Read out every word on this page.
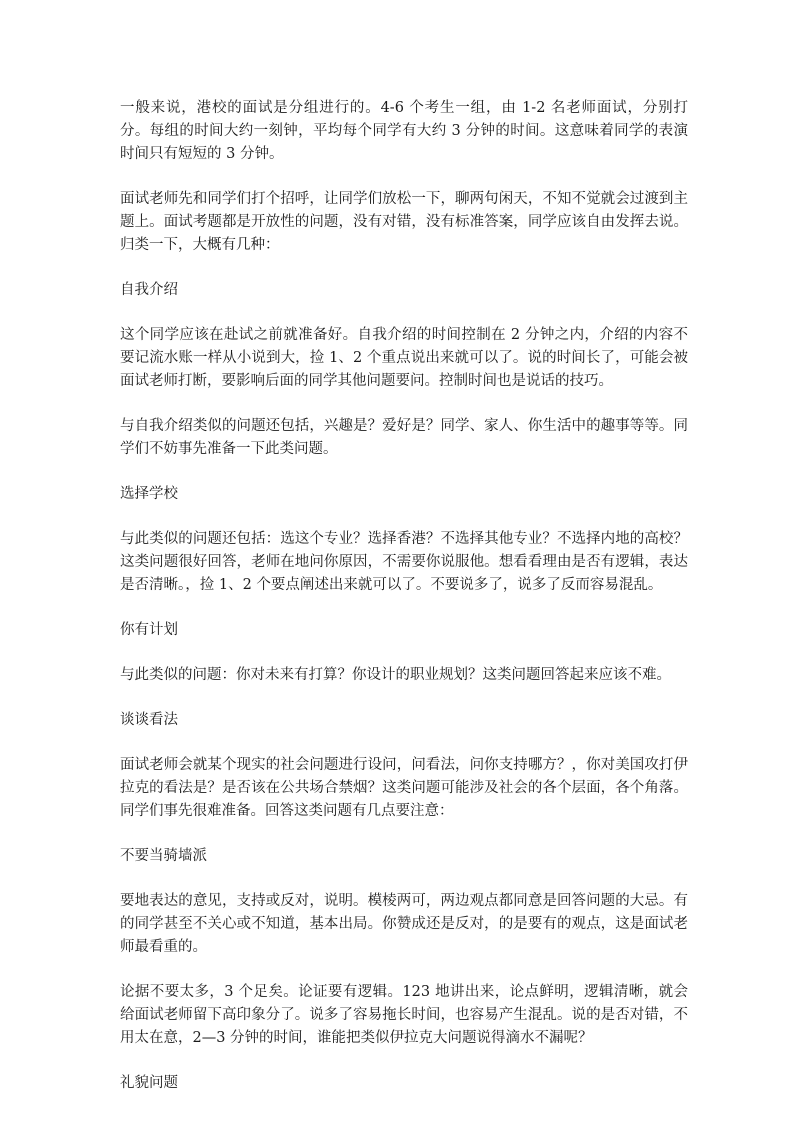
一般来说，港校的面试是分组进行的。4-6 个考生一组，由 1-2 名老师面试，分别打分。每组的时间大约一刻钟，平均每个同学有大约 3 分钟的时间。这意味着同学的表演时间只有短短的 3 分钟。

面试老师先和同学们打个招呼，让同学们放松一下，聊两句闲天，不知不觉就会过渡到主题上。面试考题都是开放性的问题，没有对错，没有标准答案，同学应该自由发挥去说。归类一下，大概有几种：

自我介绍

这个同学应该在赴试之前就准备好。自我介绍的时间控制在 2 分钟之内，介绍的内容不要记流水账一样从小说到大，捡 1、2 个重点说出来就可以了。说的时间长了，可能会被面试老师打断，要影响后面的同学其他问题要问。控制时间也是说话的技巧。

与自我介绍类似的问题还包括，兴趣是？爱好是？同学、家人、你生活中的趣事等等。同学们不妨事先准备一下此类问题。

选择学校

与此类似的问题还包括：选这个专业？选择香港？不选择其他专业？不选择内地的高校？这类问题很好回答，老师在地问你原因，不需要你说服他。想看看理由是否有逻辑，表达是否清晰。，捡 1、2 个要点阐述出来就可以了。不要说多了，说多了反而容易混乱。

你有计划

与此类似的问题：你对未来有打算？你设计的职业规划？这类问题回答起来应该不难。

谈谈看法

面试老师会就某个现实的社会问题进行设问，问看法，问你支持哪方？，你对美国攻打伊拉克的看法是？是否该在公共场合禁烟？这类问题可能涉及社会的各个层面，各个角落。同学们事先很难准备。回答这类问题有几点要注意：

不要当骑墙派

要地表达的意见，支持或反对，说明。模棱两可，两边观点都同意是回答问题的大忌。有的同学甚至不关心或不知道，基本出局。你赞成还是反对，的是要有的观点，这是面试老师最看重的。

论据不要太多，3 个足矣。论证要有逻辑。123 地讲出来，论点鲜明，逻辑清晰，就会给面试老师留下高印象分了。说多了容易拖长时间，也容易产生混乱。说的是否对错，不用太在意，2—3 分钟的时间，谁能把类似伊拉克大问题说得滴水不漏呢？

礼貌问题
